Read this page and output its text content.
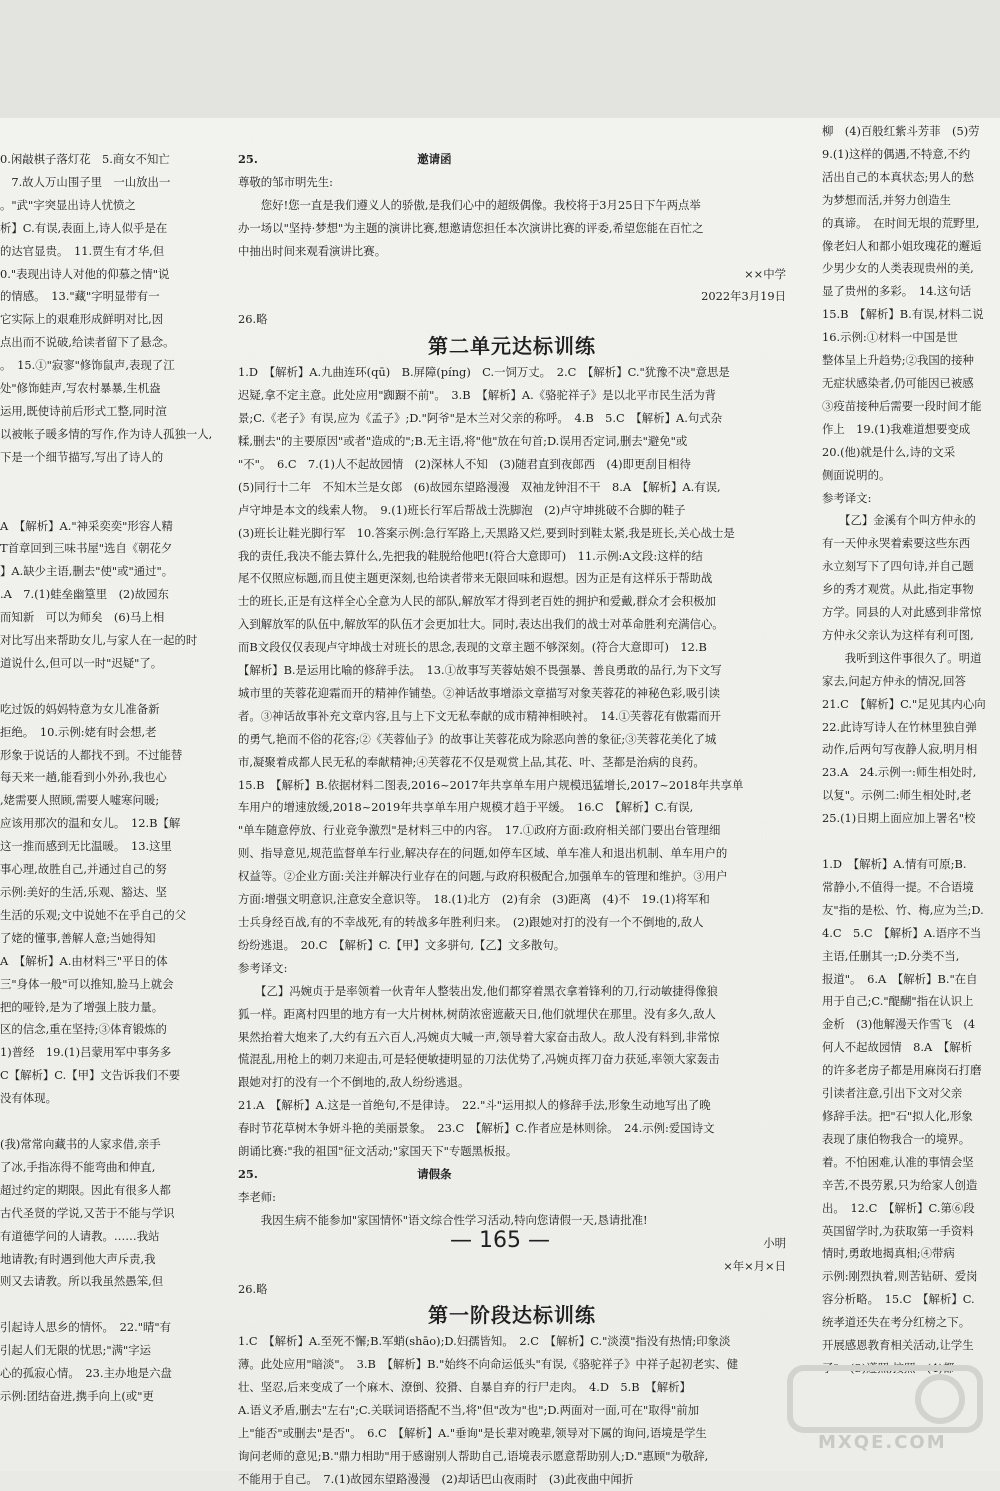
0.闲敲棋子落灯花　5.商女不知亡
　7.故人万山围子里　一山放出一
。"武"字突显出诗人忧愤之
析】C.有误,表面上,诗人似乎是在
的达官显贵。　11.贾生有才华,但
0."表现出诗人对他的仰慕之情"说
的情感。　13."藏"字明显带有一
它实际上的艰难形成鲜明对比,因
点出而不说破,给读者留下了悬念。
。　15.①"寂寥"修饰鼠声,表现了江
处"修饰蛙声,写农村暴暴,生机盎
运用,既使诗前后形式工整,同时渲
以被帐子暖多情的写作,作为诗人孤独一人,
下是一个细节描写,写出了诗人的

A　【解析】A."神采奕奕"形容人精
T首章回到三味书屋"选自《朝花夕
】A.缺少主语,删去"使"或"通过"。
.A　7.(1)蛙垒幽篁里　(2)故园东
而知新　可以为师矣　(6)马上相
对比写出来帮助女儿,与家人在一起的时
道说什么,但可以一时"迟疑"了。

吃过饭的妈妈特意为女儿准备新
拒绝。　10.示例:姥有时会想,老
形象于说话的人都找不到。不过能替
每天来一趟,能看到小外孙,我也心
,姥需要人照顾,需要人嘘寒问暖;
应该用那次的温和女儿。　12.B【解
这一推而感到无比温暖。　13.这里
事心理,故胜自己,并通过自己的努
示例:美好的生活,乐观、豁达、坚
生活的乐观;文中说她不在乎自己的父
了姥的懂事,善解人意;当她得知
A　【解析】A.由材料三"平日的体
三"身体一般"可以推知,脸马上就会
把的哑铃,是为了增强上肢力量。
区的信念,重在坚持;③体育锻炼的
1)普经　19.(1)吕蒙用军中事务多
C【解析】C.【甲】文告诉我们不要
没有体现。

(我)常常向藏书的人家求借,亲手
了冰,手指冻得不能弯曲和伸直,
超过约定的期限。因此有很多人都
古代圣贤的学说,又苦于不能与学识
有道德学问的人请教。……我站
地请教;有时遇到他大声斥责,我
则又去请教。所以我虽然愚笨,但

引起诗人思乡的情怀。　22."晴"有
引起人们无限的忧思;"满"字运
心的孤寂心情。　23.主办地是六盘
示例:团结奋进,携手向上(或"更
25.　　　　　　　　　　　　　　邀请函
尊敬的邹市明先生:
　　您好!您一直是我们遵义人的骄傲,是我们心中的超级偶像。我校将于3月25日下午两点举
办一场以"坚持·梦想"为主题的演讲比赛,想邀请您担任本次演讲比赛的评委,希望您能在百忙之
中抽出时间来观看演讲比赛。
××中学
2022年3月19日
26.略
第二单元达标训练
1.D　【解析】A.九曲连环(qū)　B.屏障(píng)　C.一饲万丈。　2.C　【解析】C."犹豫不决"意思是
迟疑,拿不定主意。此处应用"踟蹰不前"。　3.B　【解析】A.《骆驼祥子》是以北平市民生活为背
景;C.《老子》有误,应为《孟子》;D."阿爷"是木兰对父亲的称呼。　4.B　5.C　【解析】A.句式杂
糅,删去"的主要原因"或者"造成的";B.无主语,将"他"放在句首;D.误用否定词,删去"避免"或
"不"。　6.C　7.(1)人不起故园情　(2)深林人不知　(3)随君直到夜郎西　(4)即更刮目相待
(5)同行十二年　不知木兰是女郎　(6)故园东望路漫漫　双袖龙钟泪不干　8.A　【解析】A.有误,
卢守坤是本文的线索人物。　9.(1)班长行军后帮战士洗脚泡　(2)卢守坤挑破不合脚的鞋子
(3)班长让鞋光脚行军　10.答案示例:急行军路上,天黑路又烂,要到时到鞋太紧,我是班长,关心战士是
我的责任,我决不能去算什么,先把我的鞋脱给他吧!(符合大意即可)　11.示例:A文段:这样的结
尾不仅照应标题,而且使主题更深刻,也给读者带来无限回味和遐想。因为正是有这样乐于帮助战
士的班长,正是有这样全心全意为人民的部队,解放军才得到老百姓的拥护和爱戴,群众才会积极加
入到解放军的队伍中,解放军的队伍才会更加壮大。同时,表达出我们的战士对革命胜利充满信心。
而B文段仅仅表现卢守坤战士对班长的思念,表现的文章主题不够深刻。(符合大意即可)　12.B
【解析】B.是运用比喻的修辞手法。　13.①故事写芙蓉姑娘不畏强暴、善良勇敢的品行,为下文写
城市里的芙蓉花迎霜而开的精神作铺垫。②神话故事增添文章描写对象芙蓉花的神秘色彩,吸引读
者。③神话故事补充文章内容,且与上下文无私奉献的成市精神相映衬。　14.①芙蓉花有傲霜而开
的勇气,艳而不俗的花容;②《芙蓉仙子》的故事让芙蓉花成为除恶向善的象征;③芙蓉花美化了城
市,凝聚着成都人民无私的奉献精神;④芙蓉花不仅是观赏上品,其花、叶、茎都是治病的良药。
15.B　【解析】B.依据材料二图表,2016~2017年共享单车用户规模迅猛增长,2017~2018年共享单
车用户的增速放缓,2018~2019年共享单车用户规模才趋于平缓。　16.C　【解析】C.有误,
"单车随意停放、行业竞争激烈"是材料三中的内容。　17.①政府方面:政府相关部门要出台管理细
则、指导意见,规范监督单车行业,解决存在的问题,如停车区域、单车准人和退出机制、单车用户的
权益等。②企业方面:关注并解决行业存在的问题,与政府积极配合,加强单车的管理和维护。③用户
方面:增强文明意识,注意安全意识等。　18.(1)北方　(2)有余　(3)距离　(4)不　19.(1)将军和
士兵身经百战,有的不幸战死,有的转战多年胜利归来。　(2)跟她对打的没有一个不倒地的,敌人
纷纷逃退。　20.C　【解析】C.【甲】文多骈句,【乙】文多散句。
参考译文:
　　【乙】冯婉贞于是率领着一伙青年人整装出发,他们都穿着黑衣拿着锋利的刀,行动敏捷得像狼
狐一样。距离村四里的地方有一大片树林,树荫浓密遮蔽天日,他们就埋伏在那里。没有多久,敌人
果然抬着大炮来了,大约有五六百人,冯婉贞大喊一声,领导着大家奋击敌人。敌人没有料到,非常惊
慌混乱,用枪上的刺刀来迎击,可是轻便敏捷明显的刀法优势了,冯婉贞挥刀奋力获延,率领大家轰击
跟她对打的没有一个不倒地的,敌人纷纷逃退。
21.A　【解析】A.这是一首绝句,不是律诗。　22."斗"运用拟人的修辞手法,形象生动地写出了晚
春时节花草树木争妍斗艳的美丽景象。　23.C　【解析】C.作者应是林则徐。　24.示例:爱国诗文
朗诵比赛:"我的祖国"征文活动;"家国天下"专题黑板报。
25.　　　　　　　　　　　　　　请假条
李老师:
　　我因生病不能参加"家国情怀"语文综合性学习活动,特向您请假一天,恳请批准!
小明
×年×月×日
26.略
第一阶段达标训练
1.C　【解析】A.至死不懈;B.军蛸(shāo);D.妇孺皆知。　2.C　【解析】C."淡漠"指没有热情;印象淡
薄。此处应用"暗淡"。　3.B　【解析】B."始终不向命运低头"有误,《骆驼祥子》中祥子起初老实、健
壮、坚忍,后来变成了一个麻木、潦倒、狡猾、自暴自弃的行尸走肉。　4.D　5.B　【解析】
A.语义矛盾,删去"左右";C.关联词语搭配不当,将"但"改为"也";D.两面对一面,可在"取得"前加
上"能否"或删去"是否"。　6.C　【解析】A."垂询"是长辈对晚辈,领导对下属的询问,语境是学生
询问老师的意见;B."鼎力相助"用于感谢别人帮助自己,语境表示愿意帮助别人;D."惠顾"为敬辞,
不能用于自己。　7.(1)故园东望路漫漫　(2)却话巴山夜雨时　(3)此夜曲中闻折
柳　(4)百般红紫斗芳菲　(5)劳
9.(1)这样的偶遇,不特意,不约
活出自己的本真状态;男人的愁
为梦想而活,并努力创造生
的真谛。　在时间无垠的荒野里,
像老妇人和都小姐玫瑰花的邂逅
少男少女的人类表现贵州的美,
显了贵州的多彩。　14.这句话
15.B　【解析】B.有误,材料二说
16.示例:①材料一中国是世
整体呈上升趋势;②我国的接种
无症状感染者,仍可能因已被感
③疫苗接种后需要一段时间才能
作上　19.(1)我难道想要变成
20.(他)就是什么,诗的文采
侧面说明的。
参考译文:
　　【乙】金溪有个叫方仲永的
有一天仲永哭着索要这些东西
永立刻写下了四句诗,并自己题
乡的秀才观赏。从此,指定事物
方学。同县的人对此感到非常惊
方仲永父亲认为这样有利可图,
　　我听到这件事很久了。明道
家去,问起方仲永的情况,回答
21.C　【解析】C."足见其内心向
22.此诗写诗人在竹林里独自弹
动作,后两句写夜静人寂,明月相
23.A　24.示例一:师生相处时,
以复"。示例二:师生相处时,老
25.(1)日期上面应加上署名"校

1.D　【解析】A.情有可原;B.
常静小,不值得一提。不合语境
友"指的是松、竹、梅,应为兰;D.
4.C　5.C　【解析】A.语序不当
主语,任删其一;D.分类不当,
报道"。　6.A　【解析】B."在自
用于自己;C."醍醐"指在认识上
金析　(3)他解漫天作雪飞　(4
何人不起故园情　8.A　【解析
的许多老房子都是用麻岗石打磨
引读者注意,引出下文对父亲
修辞手法。把"石"拟人化,形象
表现了康伯物我合一的境界。
着。不怕困难,认准的事情会坚
辛苦,不畏劳累,只为给家人创造
出。　12.C　【解析】C.第⑥段
英国留学时,为获取第一手资料
情时,勇敢地揭真相;④带病
示例:刚烈执着,则苦钻研、爱岗
容分析略。　15.C　【解析】C.
统孝道还失在考分红榜之下。
开展感恩教育相关活动,让学生
了"　(3)遵照,按照　(4)都
— 165 —
MXQE.COM
